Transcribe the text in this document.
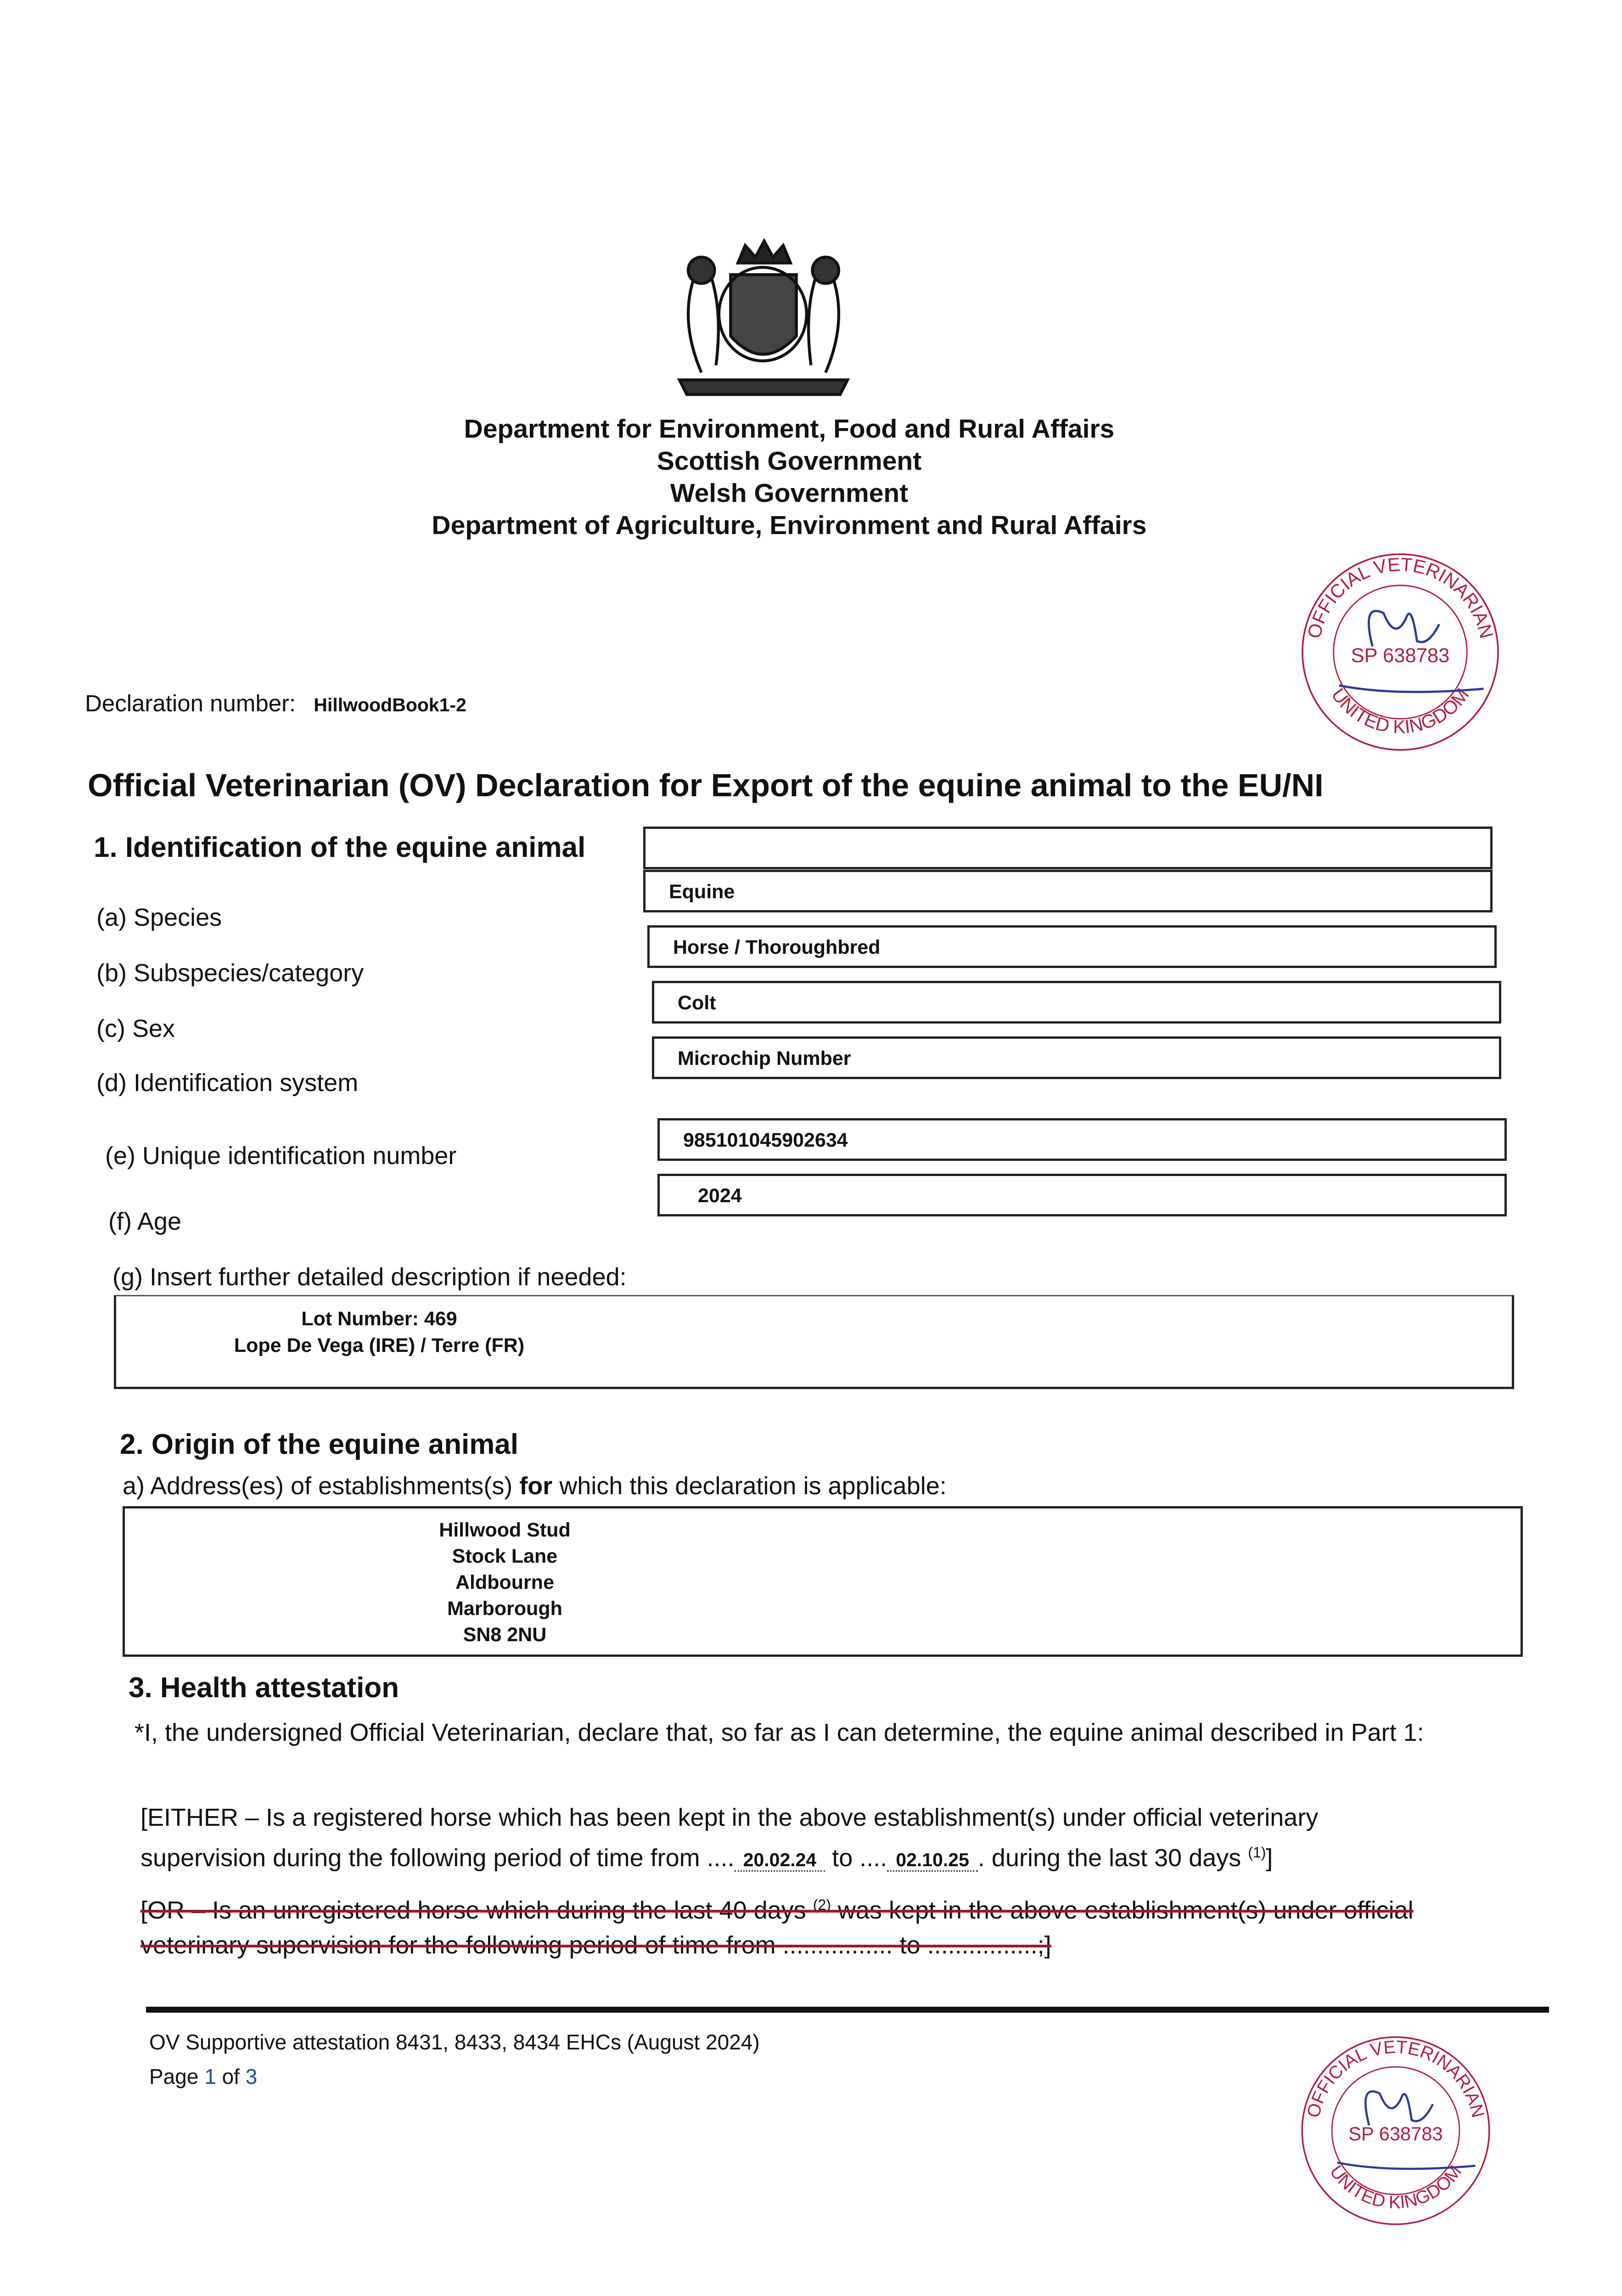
Department for Environment, Food and Rural Affairs
Scottish Government
Welsh Government
Department of Agriculture, Environment and Rural Affairs
Declaration number: HillwoodBook1-2
Official Veterinarian (OV) Declaration for Export of the equine animal to the EU/NI
1. Identification of the equine animal
(a) Species
(b) Subspecies/category
(c) Sex
(d) Identification system
(e) Unique identification number
(f) Age
Equine
Horse / Thoroughbred
Colt
Microchip Number
985101045902634
2024
(g) Insert further detailed description if needed:
Lot Number: 469
Lope De Vega (IRE) / Terre (FR)
2. Origin of the equine animal
a) Address(es) of establishments(s) for which this declaration is applicable:
Hillwood Stud
Stock Lane
Aldbourne
Marborough
SN8 2NU
3. Health attestation
*I, the undersigned Official Veterinarian, declare that, so far as I can determine, the equine animal described in Part 1:
[EITHER – Is a registered horse which has been kept in the above establishment(s) under official veterinary
supervision during the following period of time from .... 20.02.24 to .... 02.10.25 . during the last 30 days $^{(1)}$]
[OR – Is an unregistered horse which during the last 40 days $^{(2)}$ was kept in the above establishment(s) under official
veterinary supervision for the following period of time from ................ to ................;]
OV Supportive attestation 8431, 8433, 8434 EHCs (August 2024)
Page 1 of 3
OFFICIAL VETERINARIAN
UNITED KINGDOM
SP 638783
OFFICIAL VETERINARIAN
UNITED KINGDOM
SP 638783
